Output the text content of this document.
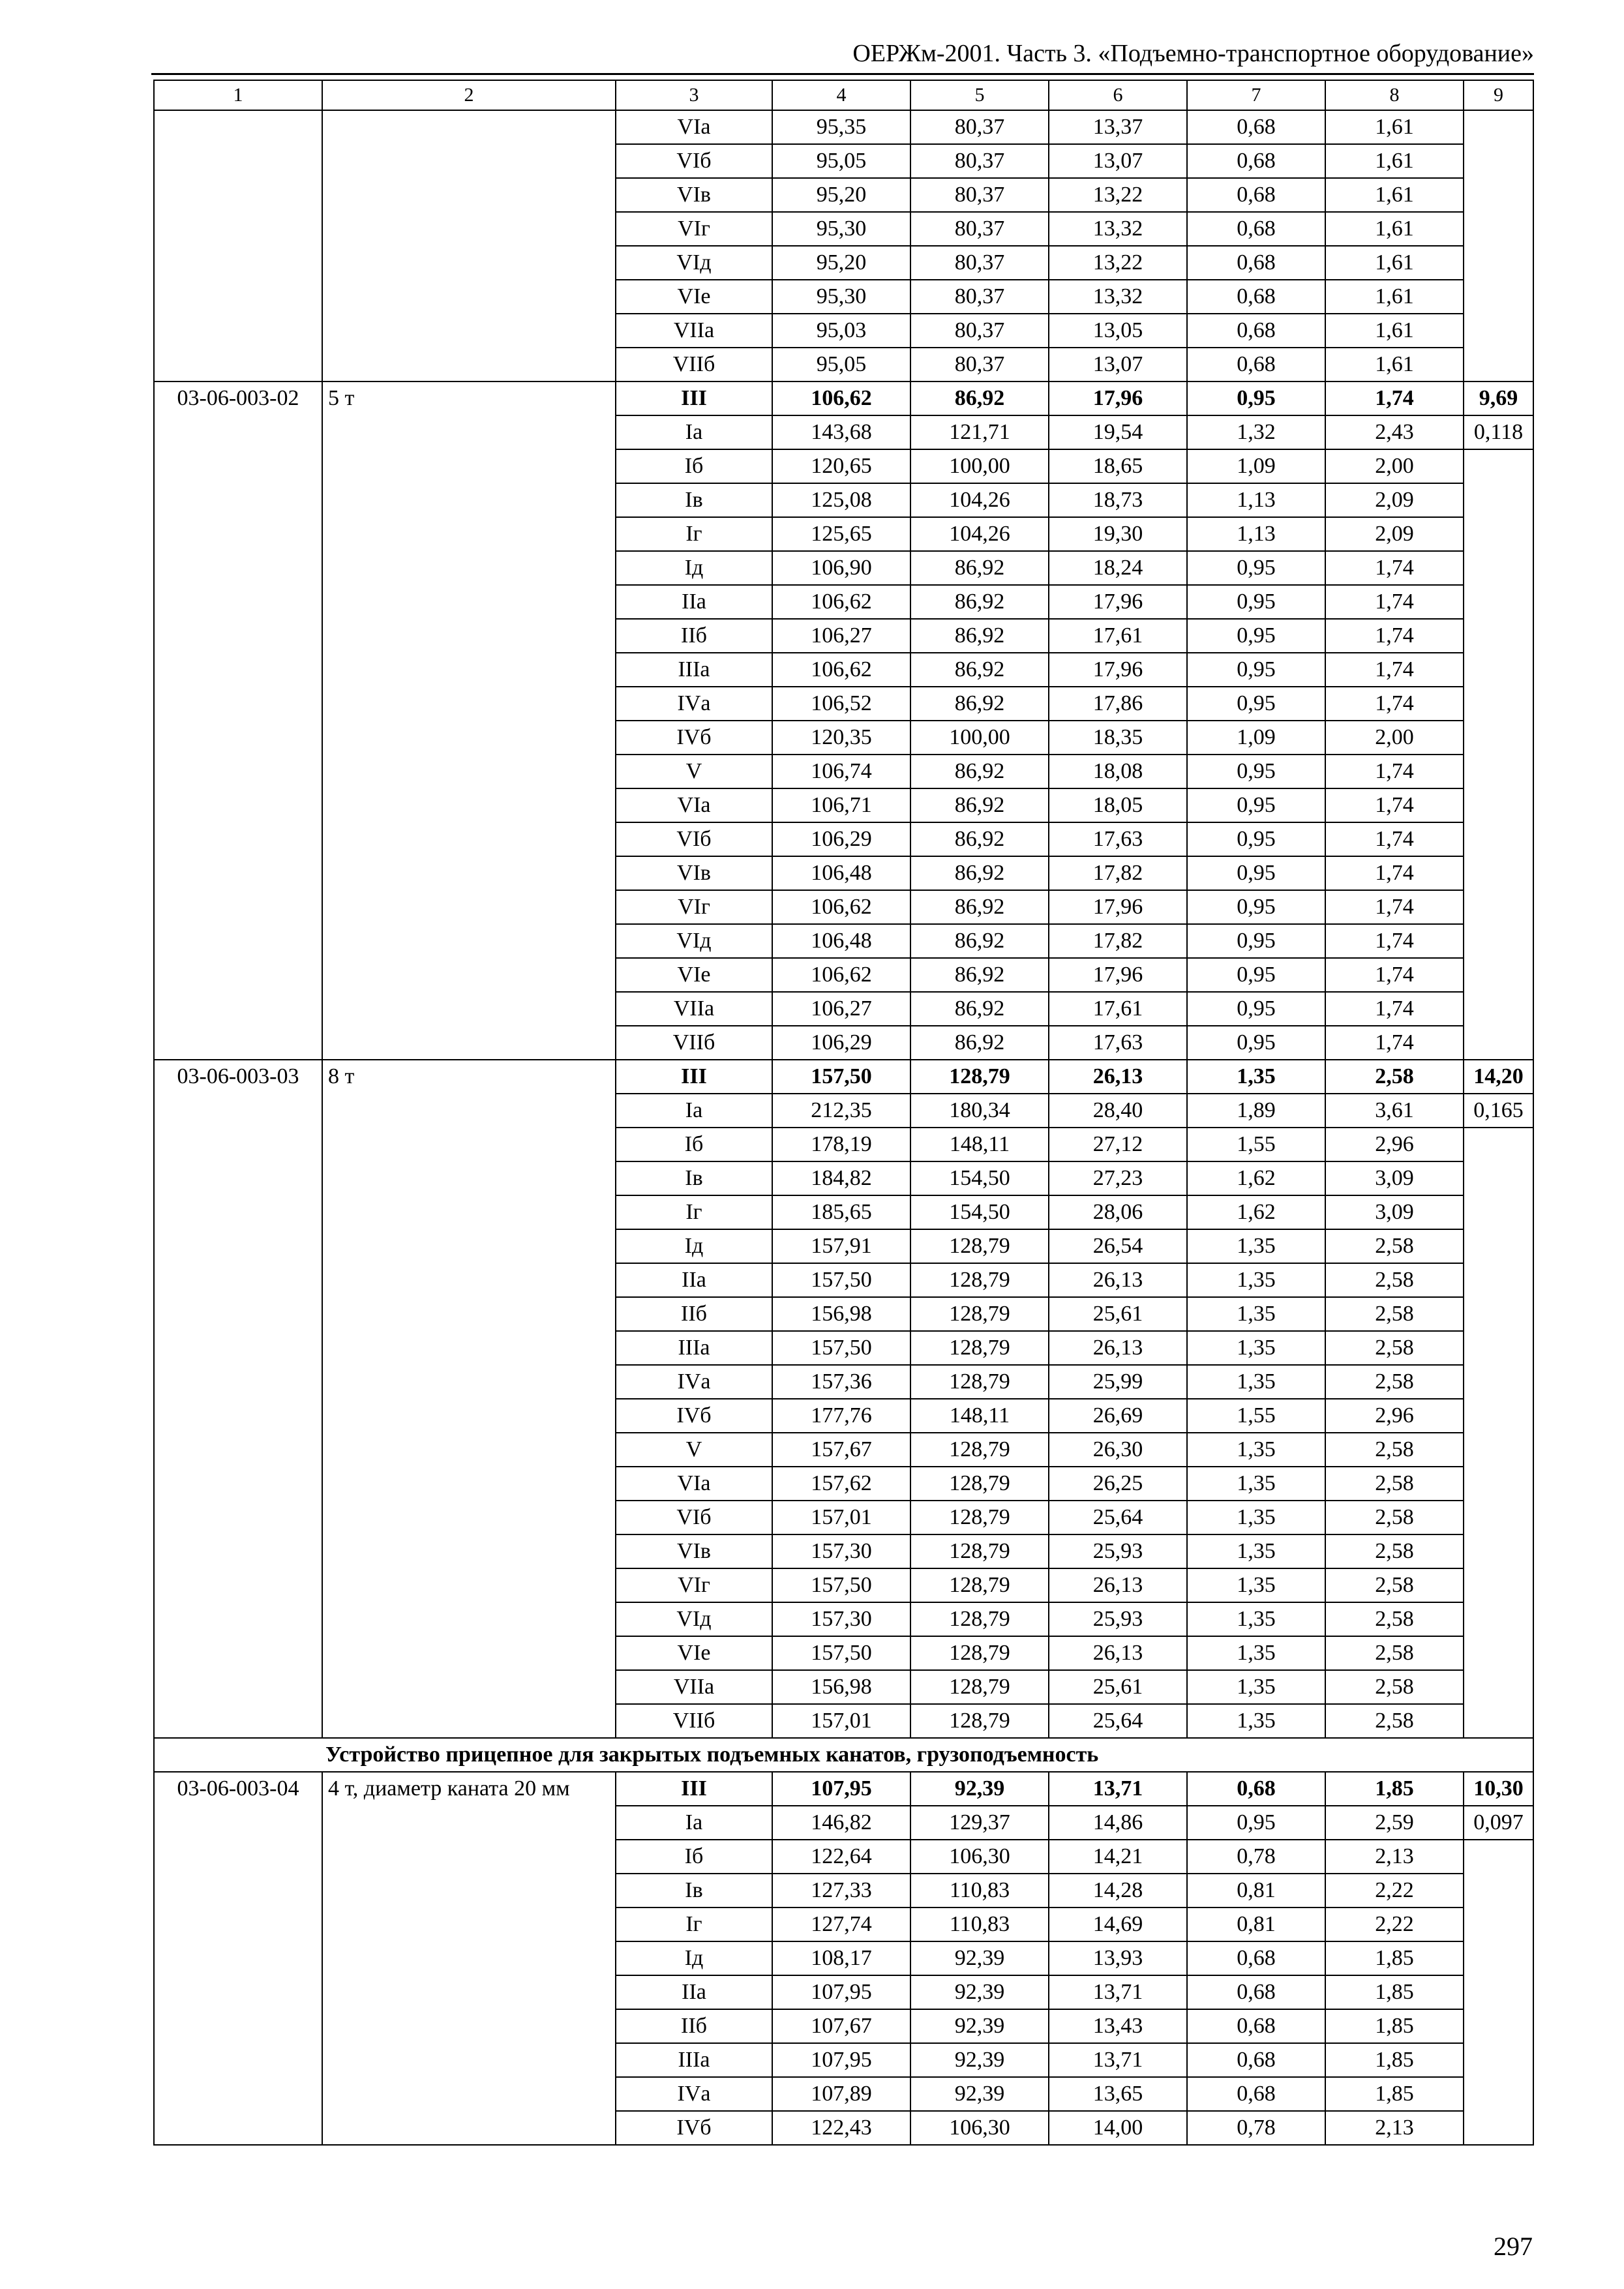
ОЕРЖм-2001. Часть 3. «Подъемно-транспортное оборудование»
1	2	3	4	5	6	7	8	9
		VIа	95,35	80,37	13,37	0,68	1,61	
		VIб	95,05	80,37	13,07	0,68	1,61	
		VIв	95,20	80,37	13,22	0,68	1,61	
		VIг	95,30	80,37	13,32	0,68	1,61	
		VIд	95,20	80,37	13,22	0,68	1,61	
		VIе	95,30	80,37	13,32	0,68	1,61	
		VIIа	95,03	80,37	13,05	0,68	1,61	
		VIIб	95,05	80,37	13,07	0,68	1,61	
03-06-003-02	5 т	III	106,62	86,92	17,96	0,95	1,74	9,69
		Iа	143,68	121,71	19,54	1,32	2,43	0,118
		Iб	120,65	100,00	18,65	1,09	2,00	
		Iв	125,08	104,26	18,73	1,13	2,09	
		Iг	125,65	104,26	19,30	1,13	2,09	
		Iд	106,90	86,92	18,24	0,95	1,74	
		IIа	106,62	86,92	17,96	0,95	1,74	
		IIб	106,27	86,92	17,61	0,95	1,74	
		IIIа	106,62	86,92	17,96	0,95	1,74	
		IVа	106,52	86,92	17,86	0,95	1,74	
		IVб	120,35	100,00	18,35	1,09	2,00	
		V	106,74	86,92	18,08	0,95	1,74	
		VIа	106,71	86,92	18,05	0,95	1,74	
		VIб	106,29	86,92	17,63	0,95	1,74	
		VIв	106,48	86,92	17,82	0,95	1,74	
		VIг	106,62	86,92	17,96	0,95	1,74	
		VIд	106,48	86,92	17,82	0,95	1,74	
		VIе	106,62	86,92	17,96	0,95	1,74	
		VIIа	106,27	86,92	17,61	0,95	1,74	
		VIIб	106,29	86,92	17,63	0,95	1,74	
03-06-003-03	8 т	III	157,50	128,79	26,13	1,35	2,58	14,20
		Iа	212,35	180,34	28,40	1,89	3,61	0,165
		Iб	178,19	148,11	27,12	1,55	2,96	
		Iв	184,82	154,50	27,23	1,62	3,09	
		Iг	185,65	154,50	28,06	1,62	3,09	
		Iд	157,91	128,79	26,54	1,35	2,58	
		IIа	157,50	128,79	26,13	1,35	2,58	
		IIб	156,98	128,79	25,61	1,35	2,58	
		IIIа	157,50	128,79	26,13	1,35	2,58	
		IVа	157,36	128,79	25,99	1,35	2,58	
		IVб	177,76	148,11	26,69	1,55	2,96	
		V	157,67	128,79	26,30	1,35	2,58	
		VIа	157,62	128,79	26,25	1,35	2,58	
		VIб	157,01	128,79	25,64	1,35	2,58	
		VIв	157,30	128,79	25,93	1,35	2,58	
		VIг	157,50	128,79	26,13	1,35	2,58	
		VIд	157,30	128,79	25,93	1,35	2,58	
		VIе	157,50	128,79	26,13	1,35	2,58	
		VIIа	156,98	128,79	25,61	1,35	2,58	
		VIIб	157,01	128,79	25,64	1,35	2,58	
Устройство прицепное для закрытых подъемных канатов, грузоподъемность								
03-06-003-04	4 т, диаметр каната 20 мм	III	107,95	92,39	13,71	0,68	1,85	10,30
		Iа	146,82	129,37	14,86	0,95	2,59	0,097
		Iб	122,64	106,30	14,21	0,78	2,13	
		Iв	127,33	110,83	14,28	0,81	2,22	
		Iг	127,74	110,83	14,69	0,81	2,22	
		Iд	108,17	92,39	13,93	0,68	1,85	
		IIа	107,95	92,39	13,71	0,68	1,85	
		IIб	107,67	92,39	13,43	0,68	1,85	
		IIIа	107,95	92,39	13,71	0,68	1,85	
		IVа	107,89	92,39	13,65	0,68	1,85	
		IVб	122,43	106,30	14,00	0,78	2,13	
297
